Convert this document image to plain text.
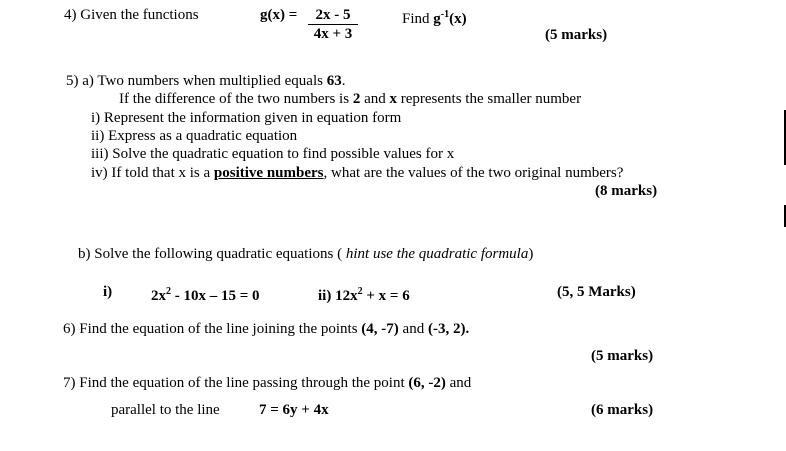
4) Given the functions	$g(x) = \frac{2x - 5}{4x + 3}$	Find $g^{-1}(x)$
(5 marks)
5) a) Two numbers when multiplied equals 63.
If the difference of the two numbers is 2 and x represents the smaller number
i) Represent the information given in equation form
ii) Express as a quadratic equation
iii) Solve the quadratic equation to find possible values for x
iv) If told that x is a positive numbers, what are the values of the two original numbers?
(8 marks)
b) Solve the following quadratic equations ( hint use the quadratic formula)
i)	$2x^2 - 10x - 15 = 0$	ii) $12x^2 + x = 6$	(5, 5 Marks)
6) Find the equation of the line joining the points (4, -7) and (-3, 2).
(5 marks)
7) Find the equation of the line passing through the point (6, -2) and
parallel to the line	7 = 6y + 4x	(6 marks)
